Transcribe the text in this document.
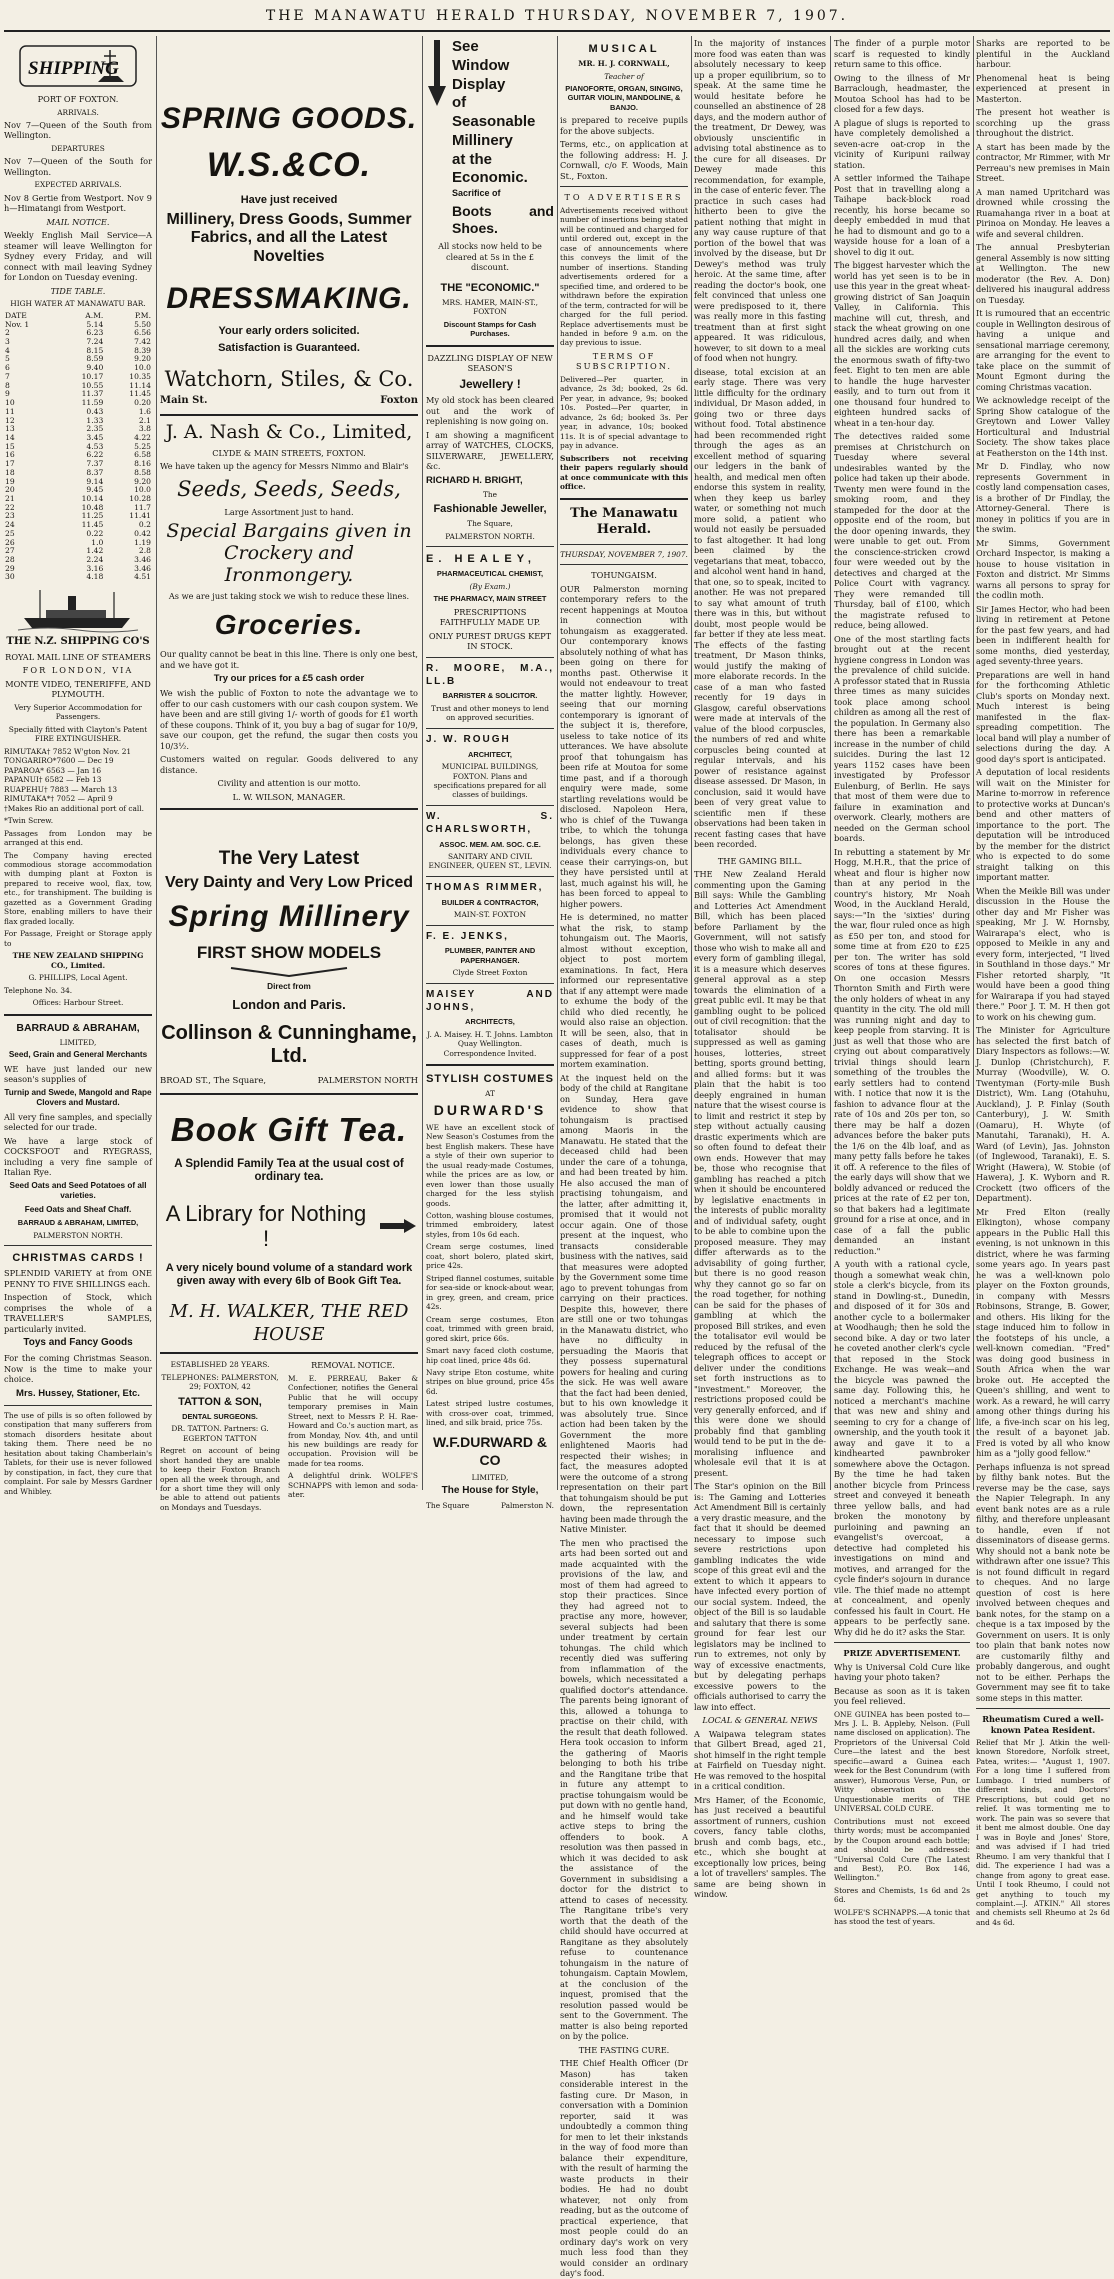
THE MANAWATU HERALD THURSDAY, NOVEMBER 7, 1907.
SHIPPING

PORT OF FOXTON.

ARRIVALS.

Nov 7—Queen of the South from Wellington.

DEPARTURES

Nov 7—Queen of the South for Wellington.

EXPECTED ARRIVALS.

Nov 8 Gertie from Westport. Nov 9 h—Himatangi from Westport.

MAIL NOTICE.

Weekly English Mail Service—A steamer will leave Wellington for Sydney every Friday, and will connect with mail leaving Sydney for London on Tuesday evening.

TIDE TABLE.

HIGH WATER AT MANAWATU BAR.

DATE	A.M.	P.M.
Nov. 1	5.14	5.50
2	6.23	6.56
3	7.24	7.42
4	8.15	8.39
5	8.59	9.20
6	9.40	10.0
7	10.17	10.35
8	10.55	11.14
9	11.37	11.45
10	11.59	0.20
11	0.43	1.6
12	1.33	2.1
13	2.35	3.8
14	3.45	4.22
15	4.53	5.25
16	6.22	6.58
17	7.37	8.16
18	8.37	8.58
19	9.14	9.20
20	9.45	10.0
21	10.14	10.28
22	10.48	11.7
23	11.25	11.41
24	11.45	0.2
25	0.22	0.42
26	1.0	1.19
27	1.42	2.8
28	2.24	3.46
29	3.16	3.46
30	4.18	4.51

THE N.Z. SHIPPING CO'S

ROYAL MAIL LINE OF STEAMERS

FOR LONDON, VIA

MONTE VIDEO, TENERIFFE, AND PLYMOUTH.

Very Superior Accommodation for Passengers.

Specially fitted with Clayton's Patent FIRE EXTINGUISHER.

RIMUTAKA† 7852 W'gton Nov. 21
TONGARIRO*7600 — Dec 19
PAPAROA* 6563 — Jan 16
PAPANUI† 6582 — Feb 13
RUAPEHU† 7883 — March 13
RIMUTAKA*† 7052 — April 9

†Makes Rio an additional port of call.

*Twin Screw.

Passages from London may be arranged at this end.

The Company having erected commodious storage accommodation with dumping plant at Foxton is prepared to receive wool, flax, tow, etc., for transhipment. The building is gazetted as a Government Grading Store, enabling millers to have their flax graded locally.

For Passage, Freight or Storage apply to

THE NEW ZEALAND SHIPPING CO., Limited.

G. PHILLIPS, Local Agent.

Telephone No. 34.

Offices: Harbour Street.

BARRAUD & ABRAHAM,

LIMITED,

Seed, Grain and General Merchants

WE have just landed our new season's supplies of

Turnip and Swede, Mangold and Rape Clovers and Mustard.

All very fine samples, and specially selected for our trade.

We have a large stock of COCKSFOOT and RYEGRASS, including a very fine sample of Italian Rye.

Seed Oats and Seed Potatoes of all varieties.

Feed Oats and Sheaf Chaff.

BARRAUD & ABRAHAM, LIMITED,

PALMERSTON NORTH.

CHRISTMAS CARDS !

SPLENDID VARIETY at from ONE PENNY TO FIVE SHILLINGS each.

Inspection of Stock, which comprises the whole of a TRAVELLER'S SAMPLES, particularly invited.

Toys and Fancy Goods

For the coming Christmas Season. Now is the time to make your choice.

Mrs. Hussey, Stationer, Etc.

The use of pills is so often followed by constipation that many sufferers from stomach disorders hesitate about taking them. There need be no hesitation about taking Chamberlain's Tablets, for their use is never followed by constipation, in fact, they cure that complaint. For sale by Messrs Gardner and Whibley.

SPRING GOODS.
W.S.&CO.
Have just received
Millinery, Dress Goods, Summer Fabrics, and all the Latest Novelties
DRESSMAKING.
Your early orders solicited.
Satisfaction is Guaranteed.
Watchorn, Stiles, & Co.
Main St.	Foxton
J. A. Nash & Co., Limited,

CLYDE & MAIN STREETS, FOXTON.

We have taken up the agency for Messrs Nimmo and Blair's

Seeds, Seeds, Seeds,

Large Assortment just to hand.

Special Bargains given in Crockery and Ironmongery.

As we are just taking stock we wish to reduce these lines.

Groceries.

Our quality cannot be beat in this line. There is only one best, and we have got it.

Try our prices for a £5 cash order

We wish the public of Foxton to note the advantage we to offer to our cash customers with our cash coupon system. We have been and are still giving 1/- worth of goods for £1 worth of these coupons. Think of it, you buy a bag of sugar for 10/9, save our coupon, get the refund, the sugar then costs you 10/3½.

Customers waited on regular. Goods delivered to any distance.

Civility and attention is our motto.

L. W. WILSON, MANAGER.

The Very Latest
Very Dainty and Very Low Priced
Spring Millinery
FIRST SHOW MODELS

Direct from

London and Paris.
Collinson & Cunninghame, Ltd.
BROAD ST., The Square,	PALMERSTON NORTH
Book Gift Tea.
A Splendid Family Tea at the usual cost of ordinary tea.
A Library for Nothing !
A very nicely bound volume of a standard work given away with every 6lb of Book Gift Tea.
M. H. WALKER, THE RED HOUSE

ESTABLISHED 28 YEARS.

TELEPHONES: PALMERSTON, 29; FOXTON, 42

TATTON & SON,

DENTAL SURGEONS.

DR. TATTON. Partners: G. EGERTON TATTON

Regret on account of being short handed they are unable to keep their Foxton Branch open all the week through, and for a short time they will only be able to attend out patients on Mondays and Tuesdays.

REMOVAL NOTICE.

M. E. PERREAU, Baker & Confectioner, notifies the General Public that he will occupy temporary premises in Main Street, next to Messrs P. H. Rae-Howard and Co.'s auction mart, as from Monday, Nov. 4th, and until his new buildings are ready for occupation. Provision will be made for tea rooms.

A delightful drink. WOLFE'S SCHNAPPS with lemon and soda-ater.

See
Window
Display
of
Seasonable
Millinery
at the
Economic.

Sacrifice of

Boots and Shoes.

All stocks now held to be cleared at 5s in the £ discount.

THE "ECONOMIC."

MRS. HAMER, MAIN-ST., FOXTON

Discount Stamps for Cash Purchases.

DAZZLING DISPLAY OF NEW SEASON'S

Jewellery !

My old stock has been cleared out and the work of replenishing is now going on.

I am showing a magnificent array of WATCHES, CLOCKS, SILVERWARE, JEWELLERY, &c.

RICHARD H. BRIGHT,

The

Fashionable Jeweller,

The Square,

PALMERSTON NORTH.

E. HEALEY,

PHARMACEUTICAL CHEMIST,

(By Exam.)

THE PHARMACY, MAIN STREET

PRESCRIPTIONS FAITHFULLY MADE UP.

ONLY PUREST DRUGS KEPT IN STOCK.

R. MOORE, M.A., LL.B

BARRISTER & SOLICITOR.

Trust and other moneys to lend on approved securities.

J. W. ROUGH

ARCHITECT,

MUNICIPAL BUILDINGS, FOXTON. Plans and specifications prepared for all classes of buildings.

W. S. CHARLSWORTH,

ASSOC. MEM. AM. SOC. C.E.

SANITARY AND CIVIL ENGINEER, QUEEN ST., LEVIN.

THOMAS RIMMER,

BUILDER & CONTRACTOR,

MAIN-ST. FOXTON

F. E. JENKS,

PLUMBER, PAINTER AND PAPERHANGER.

Clyde Street Foxton

MAISEY AND JOHNS,

ARCHITECTS,

J. A. Maisey. H. T. Johns. Lambton Quay Wellington. Correspondence Invited.

STYLISH COSTUMES

AT

DURWARD'S

WE have an excellent stock of New Season's Costumes from the best English makers. These have a style of their own superior to the usual ready-made Costumes, while the prices are as low, or even lower than those usually charged for the less stylish goods.

Cotton, washing blouse costumes, trimmed embroidery, latest styles, from 10s 6d each.

Cream serge costumes, lined coat, short bolero, plated skirt, price 42s.

Striped flannel costumes, suitable for sea-side or knock-about wear, in grey, green, and cream, price 42s.

Cream serge costumes, Eton coat, trimmed with green braid, gored skirt, price 66s.

Smart navy faced cloth costume, hip coat lined, price 48s 6d.

Navy stripe Eton costume, white stripes on blue ground, price 45s 6d.

Latest striped lustre costumes, with cross-over coat, trimmed, lined, and silk braid, price 75s.

W.F.DURWARD & CO

LIMITED,

The House for Style,

The Square	Palmerston N.

MUSICAL

MR. H. J. CORNWALL,

Teacher of

PIANOFORTE, ORGAN, SINGING, GUITAR VIOLIN, MANDOLINE, & BANJO.

is prepared to receive pupils for the above subjects.

Terms, etc., on application at the following address: H. J. Cornwall, c/o F. Woods, Main St., Foxton.

TO ADVERTISERS

Advertisements received without number of insertions being stated will be continued and charged for until ordered out, except in the case of announcements where this conveys the limit of the number of insertions. Standing advertisements ordered for a specified time, and ordered to be withdrawn before the expiration of the term, contracted for will be charged for the full period. Replace advertisements must be handed in before 9 a.m. on the day previous to issue.

TERMS OF SUBSCRIPTION.

Delivered—Per quarter, in advance, 2s 3d; booked, 2s 6d. Per year, in advance, 9s; booked 10s. Posted—Per quarter, in advance, 2s 6d; booked 3s. Per year, in advance, 10s; booked 11s. It is of special advantage to pay in advance.

Subscribers not receiving their papers regularly should at once communicate with this office.

The Manawatu Herald.

THURSDAY, NOVEMBER 7, 1907.

TOHUNGAISM.

OUR Palmerston morning contemporary refers to the recent happenings at Moutoa in connection with tohungaism as exaggerated. Our contemporary knows absolutely nothing of what has been going on there for months past. Otherwise it would not endeavour to treat the matter lightly. However, seeing that our morning contemporary is ignorant of the subject it is, therefore, useless to take notice of its utterances. We have absolute proof that tohungaism has been rife at Moutoa for some time past, and if a thorough enquiry were made, some startling revelations would be disclosed. Napoleon Hera, who is chief of the Tuwanga tribe, to which the tohunga belongs, has given these individuals every chance to cease their carryings-on, but they have persisted until at last, much against his will, he has been forced to appeal to higher powers.

He is determined, no matter what the risk, to stamp tohungaism out. The Maoris, almost without exception, object to post mortem examinations. In fact, Hera informed our representative that if any attempt were made to exhume the body of the child who died recently, he would also raise an objection. It will be seen, also, that in cases of death, much is suppressed for fear of a post mortem examination.

At the inquest held on the body of the child at Rangitane on Sunday, Hera gave evidence to show that tohungaism is practised among Maoris in the Manawatu. He stated that the deceased child had been under the care of a tohunga, and had been treated by him. He also accused the man of practising tohungaism, and the latter, after admitting it, promised that it would not occur again. One of those present at the inquest, who transacts considerable business with the natives, said that measures were adopted by the Government some time ago to prevent tohungas from carrying on their practices. Despite this, however, there are still one or two tohungas in the Manawatu district, who have no difficulty in persuading the Maoris that they possess supernatural powers for healing and curing the sick. He was well aware that the fact had been denied, but to his own knowledge it was absolutely true. Since action had been taken by the Government the more enlightened Maoris had respected their wishes; in fact, the measures adopted were the outcome of a strong representation on their part that tohungaism should be put down, the representation having been made through the Native Minister.

The men who practised the arts had been sorted out and made acquainted with the provisions of the law, and most of them had agreed to stop their practices. Since they had agreed not to practise any more, however, several subjects had been under treatment by certain tohungas. The child which recently died was suffering from inflammation of the bowels, which necessitated a qualified doctor's attendance. The parents being ignorant of this, allowed a tohunga to practise on their child, with the result that death followed. Hera took occasion to inform the gathering of Maoris belonging to both his tribe and the Rangitane tribe that in future any attempt to practise tohungaism would be put down with no gentle hand, and he himself would take active steps to bring the offenders to book. A resolution was then passed in which it was decided to ask the assistance of the Government in subsidising a doctor for the district to attend to cases of necessity. The Rangitane tribe's very worth that the death of the child should have occurred at Rangitane as they absolutely refuse to countenance tohungaism in the nature of tohungaism. Captain Mowlem, at the conclusion of the inquest, promised that the resolution passed would be sent to the Government. The matter is also being reported on by the police.

THE FASTING CURE.

THE Chief Health Officer (Dr Mason) has taken considerable interest in the fasting cure. Dr Mason, in conversation with a Dominion reporter, said it was undoubtedly a common thing for men to let their inkstands in the way of food more than balance their expenditure, with the result of harming the waste products in their bodies. He had no doubt whatever, not only from reading, but as the outcome of practical experience, that most people could do an ordinary day's work on very much less food than they would consider an ordinary day's food.

In the majority of instances more food was eaten than was absolutely necessary to keep up a proper equilibrium, so to speak. At the same time he would hesitate before he counselled an abstinence of 28 days, and the modern author of the treatment, Dr Dewey, was obviously unscientific in advising total abstinence as to the cure for all diseases. Dr Dewey made this recommendation, for example, in the case of enteric fever. The practice in such cases had hitherto been to give the patient nothing that might in any way cause rupture of that portion of the bowel that was involved by the disease, but Dr Dewey's method was truly heroic. At the same time, after reading the doctor's book, one felt convinced that unless one were predisposed to it, there was really more in this fasting treatment than at first sight appeared. It was ridiculous, however, to sit down to a meal of food when not hungry.

disease, total excision at an early stage. There was very little difficulty for the ordinary individual, Dr Mason added, in going two or three days without food. Total abstinence had been recommended right through the ages as an excellent method of squaring our ledgers in the bank of health, and medical men often endorse this system in reality, when they keep us barley water, or something not much more solid, a patient who would not easily be persuaded to fast altogether. It had long been claimed by the vegetarians that meat, tobacco, and alcohol went hand in hand, that one, so to speak, incited to another. He was not prepared to say what amount of truth there was in this, but without doubt, most people would be far better if they ate less meat. The effects of the fasting treatment, Dr Mason thinks, would justify the making of more elaborate records. In the case of a man who fasted recently for 19 days in Glasgow, careful observations were made at intervals of the value of the blood corpuscles, the numbers of red and white corpuscles being counted at regular intervals, and his power of resistance against disease assessed. Dr Mason, in conclusion, said it would have been of very great value to scientific men if these observations had been taken in recent fasting cases that have been recorded.

THE GAMING BILL.

THE New Zealand Herald commenting upon the Gaming Bill says: While the Gambling and Lotteries Act Amendment Bill, which has been placed before Parliament by the Government, will not satisfy those who wish to make all and every form of gambling illegal, it is a measure which deserves general approval as a step towards the elimination of a great public evil. It may be that gambling ought to be policed out of civil recognition: that the totalisator should be suppressed as well as gaming houses, lotteries, street betting, sports ground betting, and allied forms: but it was plain that the habit is too deeply engrained in human nature that the wisest course is to limit and restrict it step by step without actually causing drastic experiments which are so often found to defeat their own ends. However that may be, those who recognise that gambling has reached a pitch when it should be encountered by legislative enactments in the interests of public morality and of individual safety, ought to be able to combine upon the proposed measure. They may differ afterwards as to the advisability of going further, but there is no good reason why they cannot go so far on the road together, for nothing can be said for the phases of gambling at which the proposed Bill strikes, and even the totalisator evil would be reduced by the refusal of the telegraph offices to accept or deliver under the conditions set forth instructions as to "investment." Moreover, the restrictions proposed could be very generally enforced, and if this were done we should probably find that gambling would tend to be put in the de-moralising influence and wholesale evil that it is at present.

The Star's opinion on the Bill is: The Gaming and Lotteries Act Amendment Bill is certainly a very drastic measure, and the fact that it should be deemed necessary to impose such severe restrictions upon gambling indicates the wide scope of this great evil and the extent to which it appears to have infected every portion of our social system. Indeed, the object of the Bill is so laudable and salutary that there is some ground for fear lest our legislators may be inclined to run to extremes, not only by way of excessive enactments, but by delegating perhaps excessive powers to the officials authorised to carry the law into effect.

LOCAL & GENERAL NEWS

A Waipawa telegram states that Gilbert Bread, aged 21, shot himself in the right temple at Fairfield on Tuesday night. He was removed to the hospital in a critical condition.

Mrs Hamer, of the Economic, has just received a beautiful assortment of runners, cushion covers, fancy table cloths, brush and comb bags, etc., etc., which she bought at exceptionally low prices, being a lot of travellers' samples. The same are being shown in window.

The finder of a purple motor scarf is requested to kindly return same to this office.

Owing to the illness of Mr Barraclough, headmaster, the Moutoa School has had to be closed for a few days.

A plague of slugs is reported to have completely demolished a seven-acre oat-crop in the vicinity of Kuripuni railway station.

A settler informed the Taihape Post that in travelling along a Taihape back-block road recently, his horse became so deeply embedded in mud that he had to dismount and go to a wayside house for a loan of a shovel to dig it out.

The biggest harvester which the world has yet seen is to be in use this year in the great wheat-growing district of San Joaquin Valley, in California. This machine will cut, thresh, and stack the wheat growing on one hundred acres daily, and when all the sickles are working cuts the enormous swath of fifty-two feet. Eight to ten men are able to handle the huge harvester easily, and to turn out from it one thousand four hundred to eighteen hundred sacks of wheat in a ten-hour day.

The detectives raided some premises at Christchurch on Tuesday where several undesirables wanted by the police had taken up their abode. Twenty men were found in the smoking room, and they stampeded for the door at the opposite end of the room, but the door opening inwards, they were unable to get out. From the conscience-stricken crowd four were weeded out by the detectives and charged at the Police Court with vagrancy. They were remanded till Thursday, bail of £100, which the magistrate refused to reduce, being allowed.

One of the most startling facts brought out at the recent hygiene congress in London was the prevalence of child suicide. A professor stated that in Russia three times as many suicides took place among school children as among all the rest of the population. In Germany also there has been a remarkable increase in the number of child suicides. During the last 12 years 1152 cases have been investigated by Professor Eulenburg, of Berlin. He says that most of them were due to failure in examination and overwork. Clearly, mothers are needed on the German school boards.

In rebutting a statement by Mr Hogg, M.H.R., that the price of wheat and flour is higher now than at any period in the country's history, Mr Noah Wood, in the Auckland Herald, says:—"In the 'sixties' during the war, flour ruled once as high as £50 per ton, and stood for some time at from £20 to £25 per ton. The writer has sold scores of tons at these figures. On one occasion Messrs Thornton Smith and Firth were the only holders of wheat in any quantity in the city. The old mill was running night and day to keep people from starving. It is just as well that those who are crying out about comparatively trivial things should learn something of the troubles the early settlers had to contend with. I notice that now it is the fashion to advance flour at the rate of 10s and 20s per ton, so there may be half a dozen advances before the baker puts the 1/6 on the 4lb loaf, and as many petty falls before he takes it off. A reference to the files of the early days will show that we boldly advanced or reduced the prices at the rate of £2 per ton, so that bakers had a legitimate ground for a rise at once, and in case of a fall the public demanded an instant reduction."

A youth with a rational cycle, though a somewhat weak chin, stole a clerk's bicycle, from its stand in Dowling-st., Dunedin, and disposed of it for 30s and another cycle to a boilermaker at Woodhaugh; then he sold the second bike. A day or two later he coveted another clerk's cycle that reposed in the Stock Exchange. He was weak—and the bicycle was pawned the same day. Following this, he noticed a merchant's machine that was new and shiny and seeming to cry for a change of ownership, and the youth took it away and gave it to a kindhearted pawnbroker somewhere above the Octagon. By the time he had taken another bicycle from Princess street and conveyed it beneath three yellow balls, and had broken the monotony by purloining and pawning an evangelist's overcoat, a detective had completed his investigations on mind and motives, and arranged for the cycle finder's sojourn in durance vile. The thief made no attempt at concealment, and openly confessed his fault in Court. He appears to be perfectly sane. Why did he do it? asks the Star.

PRIZE ADVERTISEMENT.

Why is Universal Cold Cure like having your photo taken?

Because as soon as it is taken you feel relieved.

ONE GUINEA has been posted to—Mrs J. L. B. Appleby, Nelson. (Full name disclosed on application). The Proprietors of the Universal Cold Cure—the latest and the best specific—award a Guinea each week for the Best Conundrum (with answer), Humorous Verse, Pun, or Witty observation on the Unquestionable merits of THE UNIVERSAL COLD CURE.

Contributions must not exceed thirty words; must be accompanied by the Coupon around each bottle; and should be addressed: "Universal Cold Cure (The Latest and Best), P.O. Box 146, Wellington."

Stores and Chemists, 1s 6d and 2s 6d.

WOLFE'S SCHNAPPS.—A tonic that has stood the test of years.

Sharks are reported to be plentiful in the Auckland harbour.

Phenomenal heat is being experienced at present in Masterton.

The present hot weather is scorching up the grass throughout the district.

A start has been made by the contractor, Mr Rimmer, with Mr Perreau's new premises in Main Street.

A man named Upritchard was drowned while crossing the Ruamahanga river in a boat at Pirinoa on Monday. He leaves a wife and several children.

The annual Presbyterian general Assembly is now sitting at Wellington. The new moderator (the Rev. A. Don) delivered his inaugural address on Tuesday.

It is rumoured that an eccentric couple in Wellington desirous of having a unique and sensational marriage ceremony, are arranging for the event to take place on the summit of Mount Egmont during the coming Christmas vacation.

We acknowledge receipt of the Spring Show catalogue of the Greytown and Lower Valley Horticultural and Industrial Society. The show takes place at Featherston on the 14th inst.

Mr D. Findlay, who now represents Government in costly land compensation cases, is a brother of Dr Findlay, the Attorney-General. There is money in politics if you are in the swim.

Mr Simms, Government Orchard Inspector, is making a house to house visitation in Foxton and district. Mr Simms warns all persons to spray for the codlin moth.

Sir James Hector, who had been living in retirement at Petone for the past few years, and had been in indifferent health for some months, died yesterday, aged seventy-three years.

Preparations are well in hand for the forthcoming Athletic Club's sports on Monday next. Much interest is being manifested in the flax-spreading competition. The local band will play a number of selections during the day. A good day's sport is anticipated.

A deputation of local residents will wait on the Minister for Marine to-morrow in reference to protective works at Duncan's bend and other matters of importance to the port. The deputation will be introduced by the member for the district who is expected to do some straight talking on this important matter.

When the Meikle Bill was under discussion in the House the other day and Mr Fisher was speaking, Mr J. W. Hornsby, Wairarapa's elect, who is opposed to Meikle in any and every form, interjected, "I lived in Southland in those days." Mr Fisher retorted sharply, "It would have been a good thing for Wairarapa if you had stayed there." Poor J. T. M. H then got to work on his chewing gum.

The Minister for Agriculture has selected the first batch of Diary Inspectors as follows:—W. J. Dunlop (Christchurch), F. Murray (Woodville), W. O. Twentyman (Forty-mile Bush District), Wm. Lang (Otahuhu, Auckland), J. P. Finlay (South Canterbury), J. W. Smith (Oamaru), H. Whyte (of Manutahi, Taranaki), H. A. Ward (of Levin), Jas. Johnston (of Inglewood, Taranaki), E. S. Wright (Hawera), W. Stobie (of Hawera), J. K. Wyborn and R. Crockett (two officers of the Department).

Mr Fred Elton (really Elkington), whose company appears in the Public Hall this evening, is not unknown in this district, where he was farming some years ago. In years past he was a well-known polo player on the Foxton grounds, in company with Messrs Robinsons, Strange, B. Gower, and others. His liking for the stage induced him to follow in the footsteps of his uncle, a well-known comedian. "Fred" was doing good business in South Africa when the war broke out. He accepted the Queen's shilling, and went to work. As a reward, he will carry among other things during his life, a five-inch scar on his leg, the result of a bayonet jab. Fred is voted by all who know him as a "jolly good fellow."

Perhaps influenza is not spread by filthy bank notes. But the reverse may be the case, says the Napier Telegraph. In any event bank notes are as a rule filthy, and therefore unpleasant to handle, even if not disseminators of disease germs. Why should not a bank note be withdrawn after one issue? This is not found difficult in regard to cheques. And no large question of cost is here involved between cheques and bank notes, for the stamp on a cheque is a tax imposed by the Government on users. It is only too plain that bank notes now are customarily filthy and probably dangerous, and ought not to be either. Perhaps the Government may see fit to take some steps in this matter.

Rheumatism Cured a well-known Patea Resident.

Relief that Mr J. Atkin the well-known Storedore, Norfolk street, Patea, writes:— "August 1, 1907. For a long time I suffered from Lumbago. I tried numbers of different kinds, and Doctors' Prescriptions, but could get no relief. It was tormenting me to work. The pain was so severe that it bent me almost double. One day I was in Boyle and Jones' Store, and was advised if I had tried Rheumo. I am very thankful that I did. The experience I had was a change from agony to great ease. Until I took Rheumo, I could not get anything to touch my complaint.—J. ATKIN." All stores and chemists sell Rheumo at 2s 6d and 4s 6d.
